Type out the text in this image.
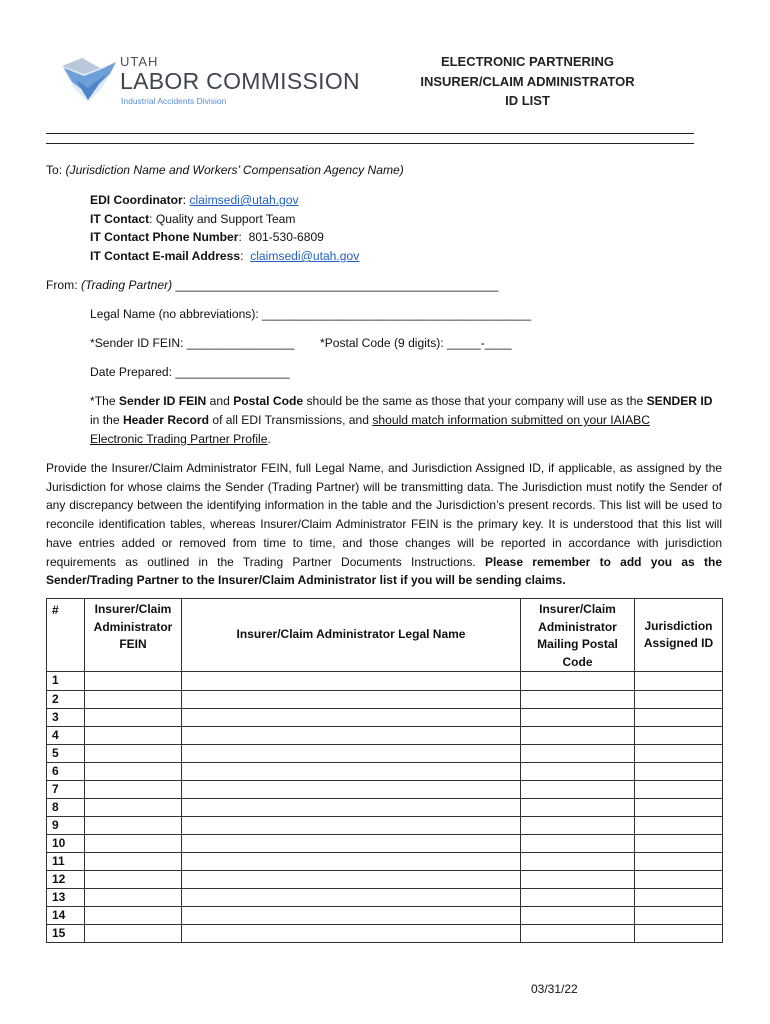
UTAH
LABOR COMMISSION
Industrial Accidents Division
ELECTRONIC PARTNERING
INSURER/CLAIM ADMINISTRATOR
ID LIST
To: (Jurisdiction Name and Workers’ Compensation Agency Name)
EDI Coordinator: claimsedi@utah.gov
IT Contact: Quality and Support Team
IT Contact Phone Number:  801-530-6809
IT Contact E-mail Address:  claimsedi@utah.gov
From: (Trading Partner) ________________________________________________
Legal Name (no abbreviations): ________________________________________
*Sender ID FEIN: ________________ *Postal Code (9 digits): _____-____
Date Prepared: _________________
*The Sender ID FEIN and Postal Code should be the same as those that your company will use as the SENDER ID
in the Header Record of all EDI Transmissions, and should match information submitted on your IAIABC
Electronic Trading Partner Profile.
Provide the Insurer/Claim Administrator FEIN, full Legal Name, and Jurisdiction Assigned ID, if applicable, as assigned by the Jurisdiction for whose claims the Sender (Trading Partner) will be transmitting data. The Jurisdiction must notify the Sender of any discrepancy between the identifying information in the table and the Jurisdiction’s present records. This list will be used to reconcile identification tables, whereas Insurer/Claim Administrator FEIN is the primary key. It is understood that this list will have entries added or removed from time to time, and those changes will be reported in accordance with jurisdiction requirements as outlined in the Trading Partner Documents Instructions. Please remember to add you as the Sender/Trading Partner to the Insurer/Claim Administrator list if you will be sending claims.
#	Insurer/Claim Administrator FEIN	Insurer/Claim Administrator Legal Name	Insurer/Claim Administrator Mailing Postal Code	Jurisdiction Assigned ID
1				
2				
3				
4				
5				
6				
7				
8				
9				
10				
11				
12				
13				
14				
15				
03/31/22
